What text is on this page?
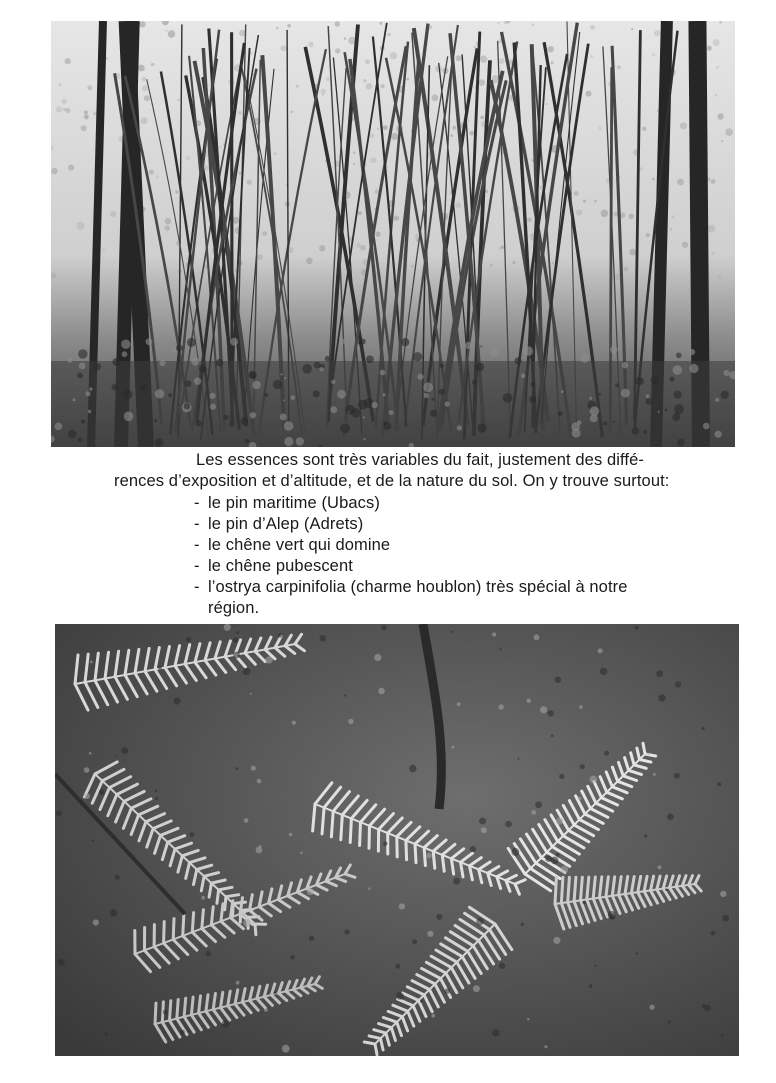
Les essences sont très variables du fait, justement des diffé-
rences d’exposition et d’altitude, et de la nature du sol. On y trouve surtout:
- le pin maritime (Ubacs)
- le pin d’Alep (Adrets)
- le chêne vert qui domine
- le chêne pubescent
- l’ostrya carpinifolia (charme houblon) très spécial à notre région.
